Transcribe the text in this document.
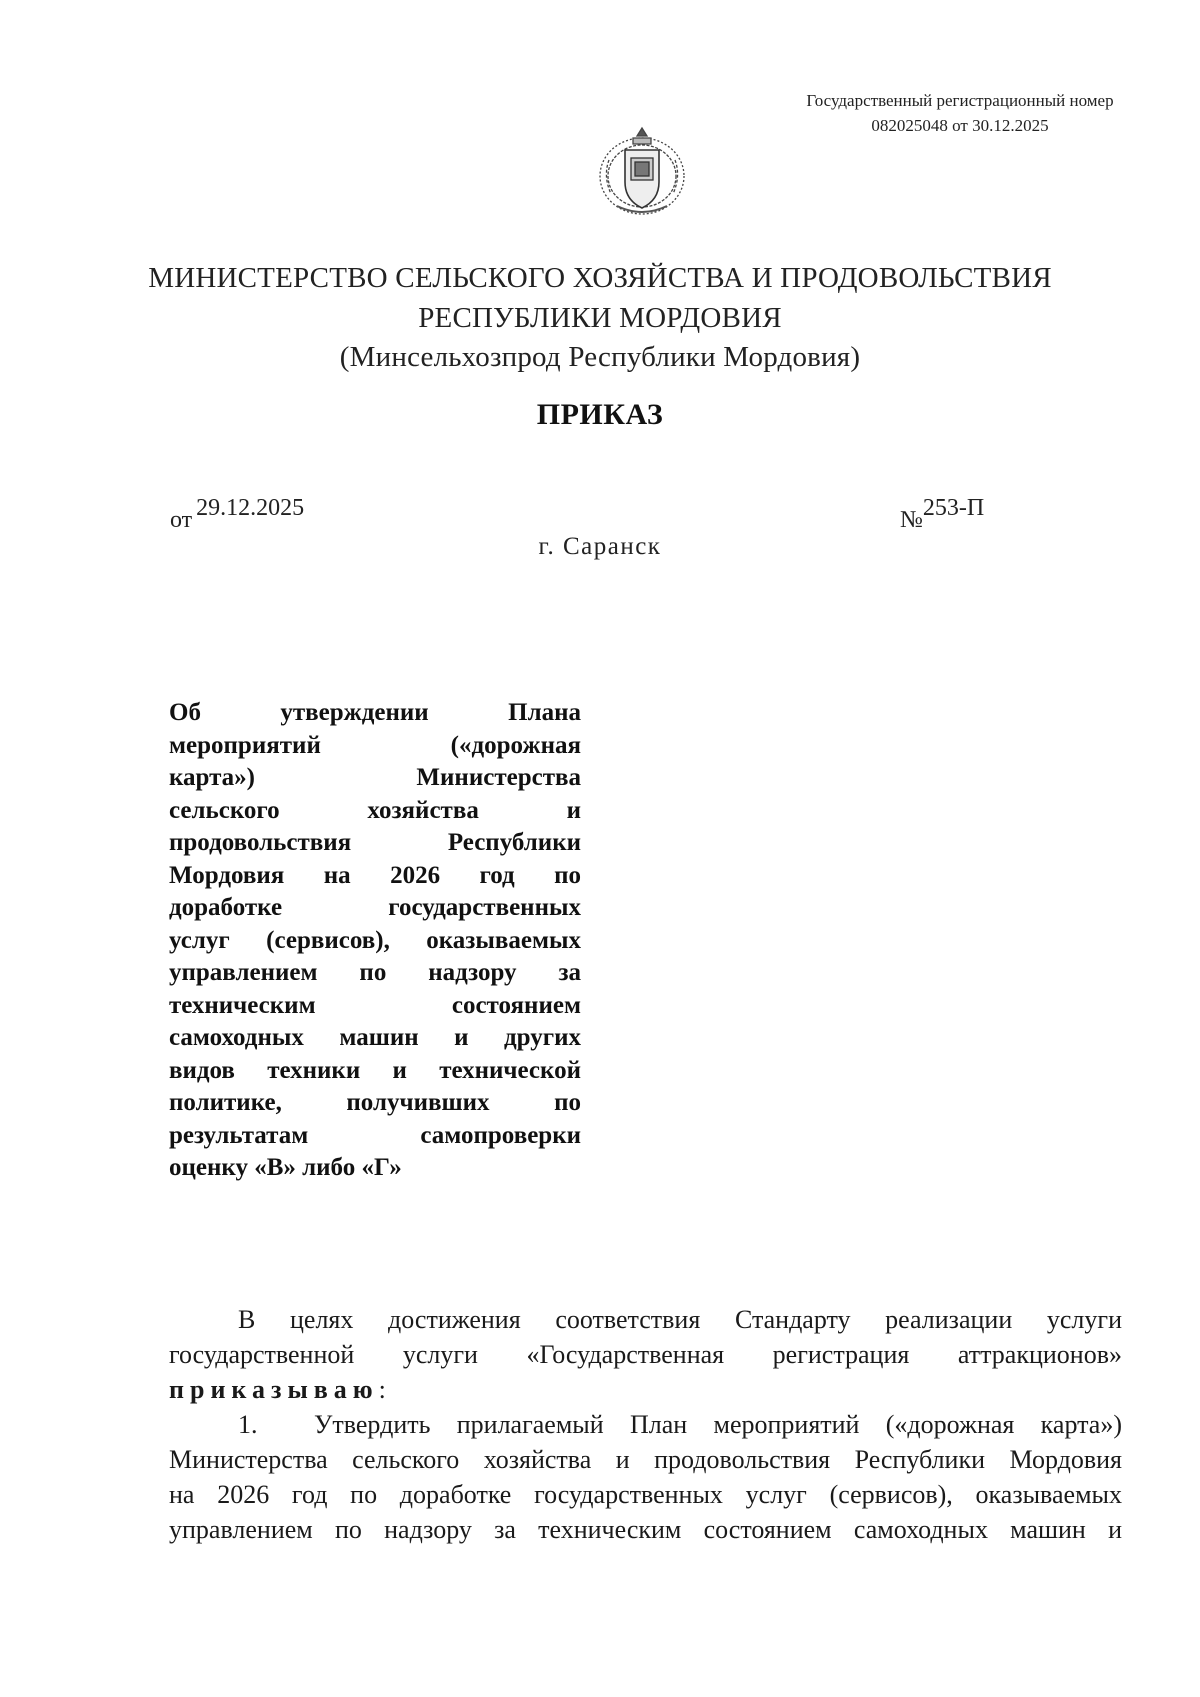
Государственный регистрационный номер
082025048 от 30.12.2025
МИНИСТЕРСТВО СЕЛЬСКОГО ХОЗЯЙСТВА И ПРОДОВОЛЬСТВИЯ
РЕСПУБЛИКИ МОРДОВИЯ
(Минсельхозпрод Республики Мордовия)
ПРИКАЗ
от 29.12.2025	№253-П
г. Саранск
Об утверждении Плана
мероприятий («дорожная
карта») Министерства
сельского хозяйства и
продовольствия Республики
Мордовия на 2026 год по
доработке государственных
услуг (сервисов), оказываемых
управлением по надзору за
техническим состоянием
самоходных машин и других
видов техники и технической
политике, получивших по
результатам самопроверки
оценку «В» либо «Г»
В целях достижения соответствия Стандарту реализации услуги
государственной услуги «Государственная регистрация аттракционов»
приказываю:
1. Утвердить прилагаемый План мероприятий («дорожная карта»)
Министерства сельского хозяйства и продовольствия Республики Мордовия
на 2026 год по доработке государственных услуг (сервисов), оказываемых
управлением по надзору за техническим состоянием самоходных машин и
